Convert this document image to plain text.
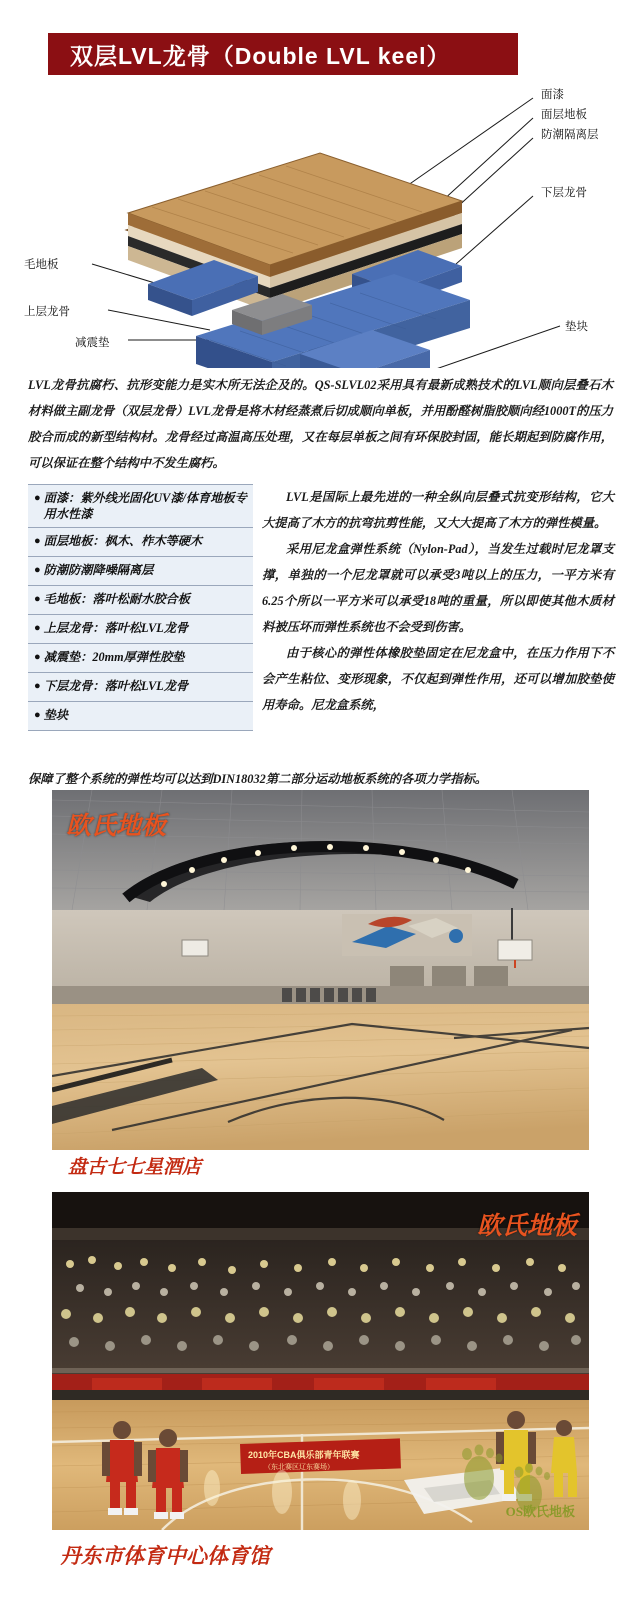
双层LVL龙骨（Double LVL keel）
面漆
面层地板
防潮隔离层
下层龙骨
垫块
毛地板
上层龙骨
减震垫

LVL龙骨抗腐朽、抗形变能力是实木所无法企及的。QS-SLVL02采用具有最新成熟技术的LVL顺向层叠石木材料做主副龙骨（双层龙骨）LVL龙骨是将木材经蒸煮后切成顺向单板，并用酚醛树脂胶顺向经1000T的压力胶合而成的新型结构材。龙骨经过高温高压处理，又在每层单板之间有环保胶封固，能长期起到防腐作用，可以保证在整个结构中不发生腐朽。

● 面漆：紫外线光固化UV漆/体育地板专用水性漆
● 面层地板：枫木、柞木等硬木
● 防潮防潮降噪隔离层
● 毛地板：落叶松耐水胶合板
● 上层龙骨：落叶松LVL龙骨
● 减震垫：20mm厚弹性胶垫
● 下层龙骨：落叶松LVL龙骨
● 垫块

LVL是国际上最先进的一种全纵向层叠式抗变形结构，它大大提高了木方的抗弯抗剪性能，又大大提高了木方的弹性模量。

采用尼龙盒弹性系统（Nylon-Pad），当发生过载时尼龙罩支撑，单独的一个尼龙罩就可以承受3吨以上的压力，一平方米有6.25个所以一平方米可以承受18吨的重量，所以即使其他木质材料被压坏而弹性系统也不会受到伤害。

由于核心的弹性体橡胶垫固定在尼龙盒中，在压力作用下不会产生粘位、变形现象，不仅起到弹性作用，还可以增加胶垫使用寿命。尼龙盒系统，

保障了整个系统的弹性均可以达到DIN18032第二部分运动地板系统的各项力学指标。
欧氏地板
盘古七七星酒店
2010年CBA俱乐部青年联赛
（东北赛区辽东赛场）
欧氏地板
OS欧氏地板
丹东市体育中心体育馆
